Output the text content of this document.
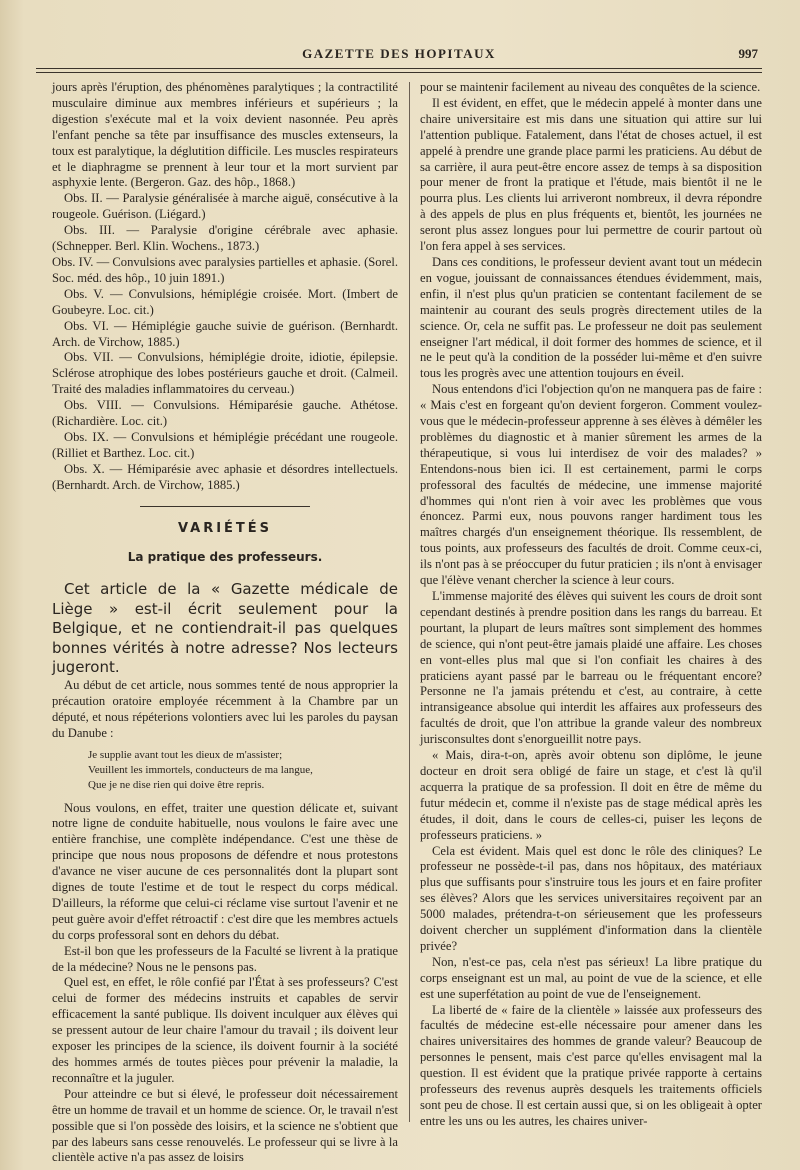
GAZETTE DES HOPITAUX	997

jours après l'éruption, des phénomènes paralytiques ; la contractilité musculaire diminue aux membres inférieurs et supérieurs ; la digestion s'exécute mal et la voix devient nasonnée. Peu après l'enfant penche sa tête par insuffisance des muscles extenseurs, la toux est paralytique, la déglutition difficile. Les muscles respirateurs et le diaphragme se prennent à leur tour et la mort survient par asphyxie lente. (Bergeron. Gaz. des hôp., 1868.)

Obs. II. — Paralysie généralisée à marche aiguë, consécutive à la rougeole. Guérison. (Liégard.)

Obs. III. — Paralysie d'origine cérébrale avec aphasie. (Schnepper. Berl. Klin. Wochens., 1873.)

Obs. IV. — Convulsions avec paralysies partielles et aphasie. (Sorel. Soc. méd. des hôp., 10 juin 1891.)

Obs. V. — Convulsions, hémiplégie croisée. Mort. (Imbert de Goubeyre. Loc. cit.)

Obs. VI. — Hémiplégie gauche suivie de guérison. (Bernhardt. Arch. de Virchow, 1885.)

Obs. VII. — Convulsions, hémiplégie droite, idiotie, épilepsie. Sclérose atrophique des lobes postérieurs gauche et droit. (Calmeil. Traité des maladies inflammatoires du cerveau.)

Obs. VIII. — Convulsions. Hémiparésie gauche. Athétose. (Richardière. Loc. cit.)

Obs. IX. — Convulsions et hémiplégie précédant une rougeole. (Rilliet et Barthez. Loc. cit.)

Obs. X. — Hémiparésie avec aphasie et désordres intellectuels. (Bernhardt. Arch. de Virchow, 1885.)

VARIÉTÉS
La pratique des professeurs.

Cet article de la « Gazette médicale de Liège » est-il écrit seulement pour la Belgique, et ne contiendrait-il pas quelques bonnes vérités à notre adresse? Nos lecteurs jugeront.

Au début de cet article, nous sommes tenté de nous approprier la précaution oratoire employée récemment à la Chambre par un député, et nous répéterions volontiers avec lui les paroles du paysan du Danube :

Je supplie avant tout les dieux de m'assister;
Veuillent les immortels, conducteurs de ma langue,
Que je ne dise rien qui doive être repris.

Nous voulons, en effet, traiter une question délicate et, suivant notre ligne de conduite habituelle, nous voulons le faire avec une entière franchise, une complète indépendance. C'est une thèse de principe que nous nous proposons de défendre et nous protestons d'avance ne viser aucune de ces personnalités dont la plupart sont dignes de toute l'estime et de tout le respect du corps médical. D'ailleurs, la réforme que celui-ci réclame vise surtout l'avenir et ne peut guère avoir d'effet rétroactif : c'est dire que les membres actuels du corps professoral sont en dehors du débat.

Est-il bon que les professeurs de la Faculté se livrent à la pratique de la médecine? Nous ne le pensons pas.

Quel est, en effet, le rôle confié par l'État à ses professeurs? C'est celui de former des médecins instruits et capables de servir efficacement la santé publique. Ils doivent inculquer aux élèves qui se pressent autour de leur chaire l'amour du travail ; ils doivent leur exposer les principes de la science, ils doivent fournir à la société des hommes armés de toutes pièces pour prévenir la maladie, la reconnaître et la juguler.

Pour atteindre ce but si élevé, le professeur doit nécessairement être un homme de travail et un homme de science. Or, le travail n'est possible que si l'on possède des loisirs, et la science ne s'obtient que par des labeurs sans cesse renouvelés. Le professeur qui se livre à la clientèle active n'a pas assez de loisirs

pour se maintenir facilement au niveau des conquêtes de la science.

Il est évident, en effet, que le médecin appelé à monter dans une chaire universitaire est mis dans une situation qui attire sur lui l'attention publique. Fatalement, dans l'état de choses actuel, il est appelé à prendre une grande place parmi les praticiens. Au début de sa carrière, il aura peut-être encore assez de temps à sa disposition pour mener de front la pratique et l'étude, mais bientôt il ne le pourra plus. Les clients lui arriveront nombreux, il devra répondre à des appels de plus en plus fréquents et, bientôt, les journées ne seront plus assez longues pour lui permettre de courir partout où l'on fera appel à ses services.

Dans ces conditions, le professeur devient avant tout un médecin en vogue, jouissant de connaissances étendues évidemment, mais, enfin, il n'est plus qu'un praticien se contentant facilement de se maintenir au courant des seuls progrès directement utiles de la science. Or, cela ne suffit pas. Le professeur ne doit pas seulement enseigner l'art médical, il doit former des hommes de science, et il ne le peut qu'à la condition de la posséder lui-même et d'en suivre tous les progrès avec une attention toujours en éveil.

Nous entendons d'ici l'objection qu'on ne manquera pas de faire : « Mais c'est en forgeant qu'on devient forgeron. Comment voulez-vous que le médecin-professeur apprenne à ses élèves à démêler les problèmes du diagnostic et à manier sûrement les armes de la thérapeutique, si vous lui interdisez de voir des malades? » Entendons-nous bien ici. Il est certainement, parmi le corps professoral des facultés de médecine, une immense majorité d'hommes qui n'ont rien à voir avec les problèmes que vous énoncez. Parmi eux, nous pouvons ranger hardiment tous les maîtres chargés d'un enseignement théorique. Ils ressemblent, de tous points, aux professeurs des facultés de droit. Comme ceux-ci, ils n'ont pas à se préoccuper du futur praticien ; ils n'ont à envisager que l'élève venant chercher la science à leur cours.

L'immense majorité des élèves qui suivent les cours de droit sont cependant destinés à prendre position dans les rangs du barreau. Et pourtant, la plupart de leurs maîtres sont simplement des hommes de science, qui n'ont peut-être jamais plaidé une affaire. Les choses en vont-elles plus mal que si l'on confiait les chaires à des praticiens ayant passé par le barreau ou le fréquentant encore? Personne ne l'a jamais prétendu et c'est, au contraire, à cette intransigeance absolue qui interdit les affaires aux professeurs des facultés de droit, que l'on attribue la grande valeur des nombreux jurisconsultes dont s'enorgueillit notre pays.

« Mais, dira-t-on, après avoir obtenu son diplôme, le jeune docteur en droit sera obligé de faire un stage, et c'est là qu'il acquerra la pratique de sa profession. Il doit en être de même du futur médecin et, comme il n'existe pas de stage médical après les études, il doit, dans le cours de celles-ci, puiser les leçons de professeurs praticiens. »

Cela est évident. Mais quel est donc le rôle des cliniques? Le professeur ne possède-t-il pas, dans nos hôpitaux, des matériaux plus que suffisants pour s'instruire tous les jours et en faire profiter ses élèves? Alors que les services universitaires reçoivent par an 5000 malades, prétendra-t-on sérieusement que les professeurs doivent chercher un supplément d'information dans la clientèle privée?

Non, n'est-ce pas, cela n'est pas sérieux! La libre pratique du corps enseignant est un mal, au point de vue de la science, et elle est une superfétation au point de vue de l'enseignement.

La liberté de « faire de la clientèle » laissée aux professeurs des facultés de médecine est-elle nécessaire pour amener dans les chaires universitaires des hommes de grande valeur? Beaucoup de personnes le pensent, mais c'est parce qu'elles envisagent mal la question. Il est évident que la pratique privée rapporte à certains professeurs des revenus auprès desquels les traitements officiels sont peu de chose. Il est certain aussi que, si on les obligeait à opter entre les uns ou les autres, les chaires univer-
